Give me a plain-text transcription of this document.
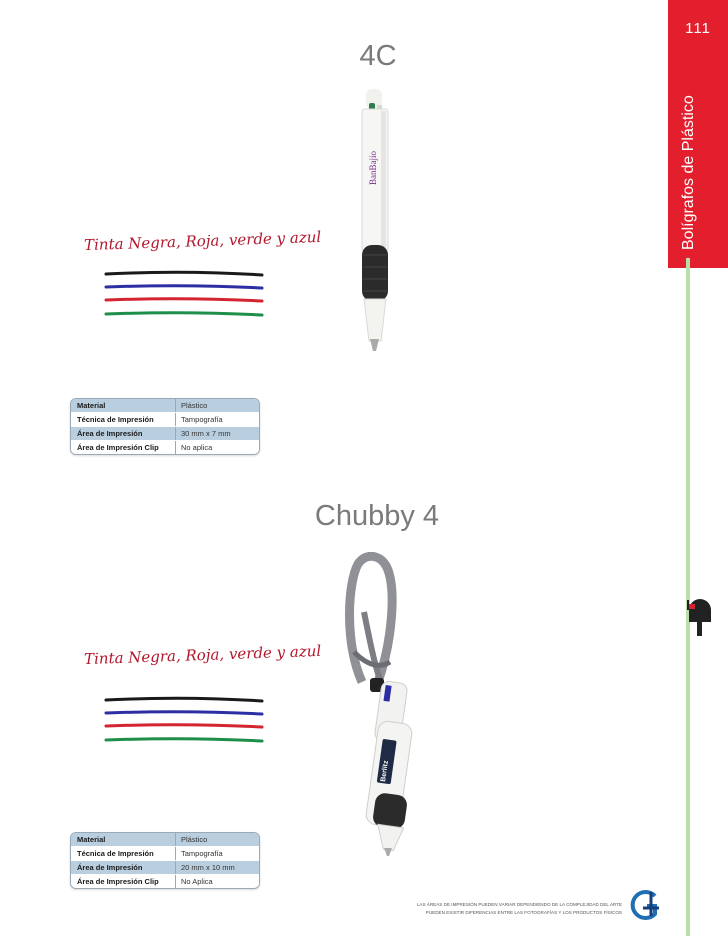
111
Bolígrafos de Plástico
4C
BanBajío
Tinta Negra, Roja, verde y azul
Material	Plástico
Técnica de Impresión	Tampografía
Área de Impresión	30 mm x 7 mm
Área de Impresión Clip	No aplica
Chubby 4
Berlitz
Tinta Negra, Roja, verde y azul
Material	Plástico
Técnica de Impresión	Tampografía
Área de Impresión	20 mm x 10 mm
Área de Impresión Clip	No Aplica
LAS ÁREAS DE IMPRESIÓN PUEDEN VARIAR DEPENDIENDO DE LA COMPLEJIDAD DEL ARTE
PUEDEN EXISTIR DIFERENCIAS ENTRE LAS FOTOGRAFÍAS Y LOS PRODUCTOS FÍSICOS
